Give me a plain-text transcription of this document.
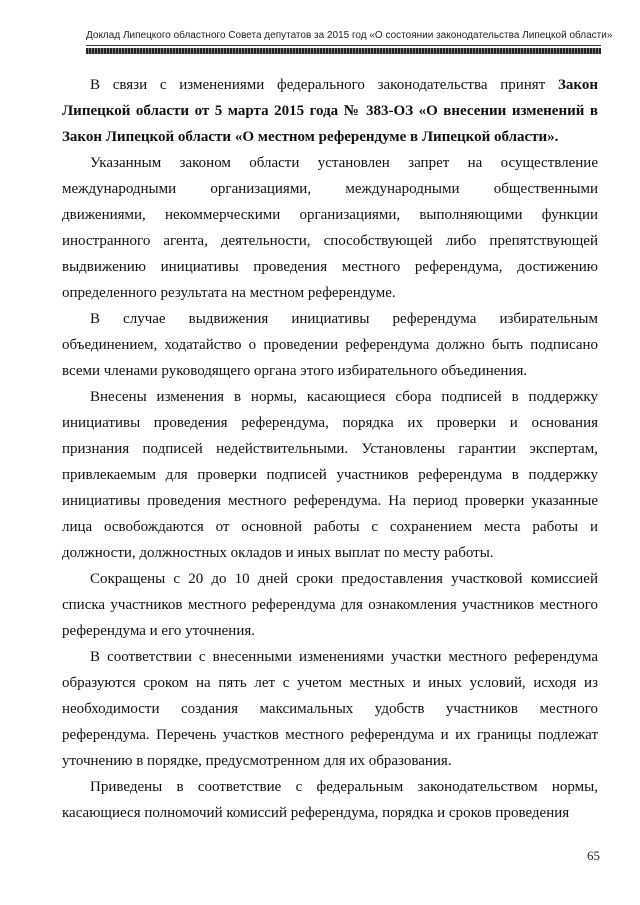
Доклад Липецкого областного Совета депутатов за 2015 год «О состоянии законодательства Липецкой области»
В связи с изменениями федерального законодательства принят Закон
Липецкой области от 5 марта 2015 года № 383-ОЗ «О внесении изменений в
Закон Липецкой области «О местном референдуме в Липецкой области».
Указанным законом области установлен запрет на осуществление
международными организациями, международными общественными
движениями, некоммерческими организациями, выполняющими функции
иностранного агента, деятельности, способствующей либо препятствующей
выдвижению инициативы проведения местного референдума, достижению
определенного результата на местном референдуме.
В случае выдвижения инициативы референдума избирательным
объединением, ходатайство о проведении референдума должно быть подписано
всеми членами руководящего органа этого избирательного объединения.
Внесены изменения в нормы, касающиеся сбора подписей в поддержку
инициативы проведения референдума, порядка их проверки и основания
признания подписей недействительными. Установлены гарантии экспертам,
привлекаемым для проверки подписей участников референдума в поддержку
инициативы проведения местного референдума. На период проверки указанные
лица освобождаются от основной работы с сохранением места работы и
должности, должностных окладов и иных выплат по месту работы.
Сокращены с 20 до 10 дней сроки предоставления участковой комиссией
списка участников местного референдума для ознакомления участников местного
референдума и его уточнения.
В соответствии с внесенными изменениями участки местного референдума
образуются сроком на пять лет с учетом местных и иных условий, исходя из
необходимости создания максимальных удобств участников местного
референдума. Перечень участков местного референдума и их границы подлежат
уточнению в порядке, предусмотренном для их образования.
Приведены в соответствие с федеральным законодательством нормы,
касающиеся полномочий комиссий референдума, порядка и сроков проведения
65
